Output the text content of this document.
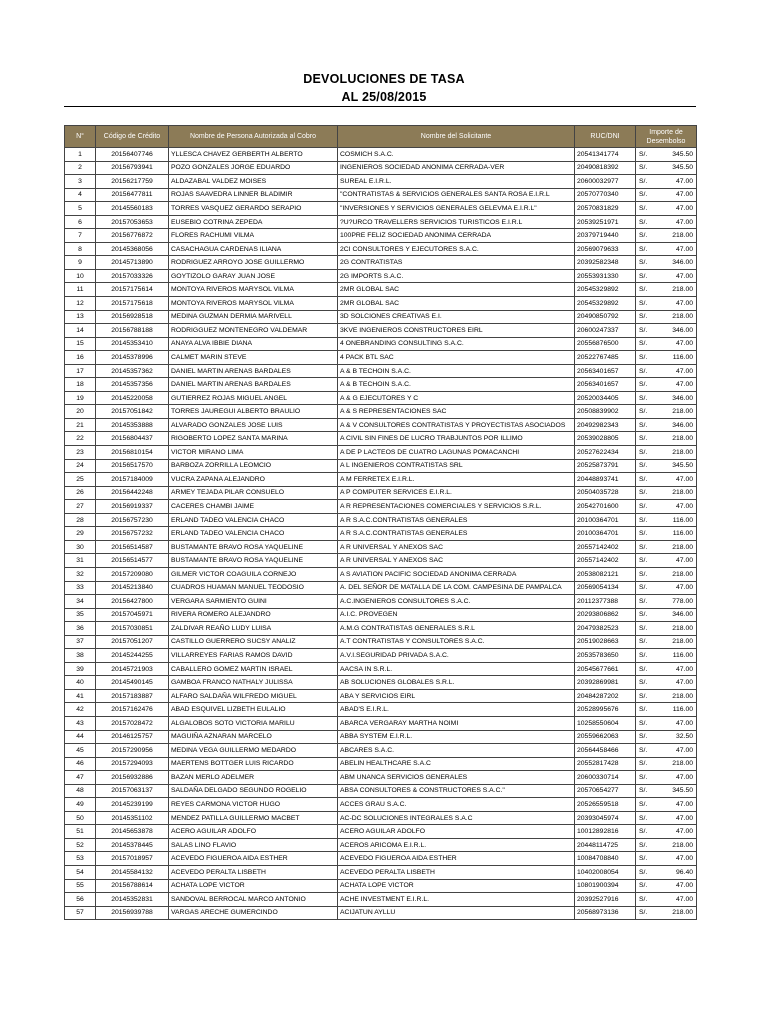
DEVOLUCIONES DE TASA
AL 25/08/2015
N°	Código de Crédito	Nombre de Persona Autorizada al Cobro	Nombre del Solicitante	RUC/DNI	Importe de Desembolso	
1	20156407746	YLLESCA CHAVEZ GERBERTH ALBERTO	COSMICH S.A.C.	20541341774	S/.	345.50
2	20156793941	POZO GONZALES JORGE EDUARDO	INGENIEROS SOCIEDAD ANONIMA CERRADA-VER	20490818392	S/.	345.50
3	20156217759	ALDAZABAL VALDEZ MOISES	SUREAL E.I.R.L.	20600032977	S/.	47.00
4	20156477811	ROJAS SAAVEDRA LINNER BLADIMIR	"CONTRATISTAS & SERVICIOS GENERALES SANTA ROSA E.I.R.L	20570770340	S/.	47.00
5	20145560183	TORRES VASQUEZ GERARDO SERAPIO	"INVERSIONES Y SERVICIOS GENERALES GELEVMA E.I.R.L"	20570831829	S/.	47.00
6	20157053653	EUSEBIO COTRINA ZEPEDA	?U?URCO TRAVELLERS SERVICIOS TURISTICOS E.I.R.L	20539251971	S/.	47.00
7	20156776872	FLORES RACHUMI VILMA	100PRE FELIZ SOCIEDAD ANONIMA CERRADA	20379719440	S/.	218.00
8	20145368056	CASACHAGUA CARDENAS ILIANA	2CI CONSULTORES Y EJECUTORES S.A.C.	20569079633	S/.	47.00
9	20145713890	RODRIGUEZ ARROYO JOSE GUILLERMO	2G CONTRATISTAS	20392582348	S/.	346.00
10	20157033326	GOYTIZOLO GARAY JUAN JOSE	2G IMPORTS S.A.C.	20553931330	S/.	47.00
11	20157175614	MONTOYA RIVEROS MARYSOL VILMA	2MR GLOBAL SAC	20545329892	S/.	218.00
12	20157175618	MONTOYA RIVEROS MARYSOL VILMA	2MR GLOBAL SAC	20545329892	S/.	47.00
13	20156928518	MEDINA GUZMAN DERMIA MARIVELL	3D SOLCIONES CREATIVAS E.I.	20490850792	S/.	218.00
14	20156788188	RODRIGGUEZ MONTENEGRO VALDEMAR	3KVE INGENIEROS CONSTRUCTORES EIRL	20600247337	S/.	346.00
15	20145353410	ANAYA ALVA IBBIE DIANA	4 ONEBRANDING CONSULTING S.A.C.	20556876500	S/.	47.00
16	20145378996	CALMET MARIN STEVE	4 PACK BTL SAC	20522767485	S/.	116.00
17	20145357362	DANIEL MARTIN ARENAS BARDALES	A & B TECHOIN S.A.C.	20563401657	S/.	47.00
18	20145357356	DANIEL MARTIN ARENAS BARDALES	A & B TECHOIN S.A.C.	20563401657	S/.	47.00
19	20145220058	GUTIERREZ ROJAS MIGUEL ANGEL	A & G EJECUTORES Y C	20520034405	S/.	346.00
20	20157051842	TORRES JAUREGUI ALBERTO BRAULIO	A & S REPRESENTACIONES SAC	20508839902	S/.	218.00
21	20145353888	ALVARADO GONZALES JOSE LUIS	A & V CONSULTORES CONTRATISTAS Y PROYECTISTAS ASOCIADOS	20492982343	S/.	346.00
22	20156804437	RIGOBERTO LOPEZ SANTA MARINA	A CIVIL SIN FINES DE LUCRO TRABJUNTOS POR ILLIMO	20539028805	S/.	218.00
23	20156810154	VICTOR MIRANO LIMA	A DE P LACTEOS DE CUATRO LAGUNAS POMACANCHI	20527622434	S/.	218.00
24	20156517570	BARBOZA ZORRILLA LEOMCIO	A L INGENIEROS CONTRATISTAS SRL	20525873791	S/.	345.50
25	20157184009	VUCRA ZAPANA ALEJANDRO	A M FERRETEX E.I.R.L.	20448893741	S/.	47.00
26	20156442248	ARMEY TEJADA PILAR CONSUELO	A P COMPUTER SERVICES E.I.R.L.	20504035728	S/.	218.00
27	20156919337	CACERES CHAMBI JAIME	A R REPRESENTACIONES COMERCIALES Y SERVICIOS S.R.L.	20542701600	S/.	47.00
28	20156757230	ERLAND TADEO VALENCIA CHACO	A R S.A.C.CONTRATISTAS GENERALES	20100364701	S/.	116.00
29	20156757232	ERLAND TADEO VALENCIA CHACO	A R S.A.C.CONTRATISTAS GENERALES	20100364701	S/.	116.00
30	20156514587	BUSTAMANTE BRAVO ROSA YAQUELINE	A R UNIVERSAL Y ANEXOS SAC	20557142402	S/.	218.00
31	20156514577	BUSTAMANTE BRAVO ROSA YAQUELINE	A R UNIVERSAL Y ANEXOS SAC	20557142402	S/.	47.00
32	20157209080	GILMER VICTOR COAGUILA CORNEJO	A S AVIATION PACIFIC SOCIEDAD ANONIMA CERRADA	20538082121	S/.	218.00
33	20145213840	CUADROS HUAMAN MANUEL TEODOSIO	A. DEL SEÑOR DE MATALLA DE LA COM. CAMPESINA DE PAMPALCA	20569054134	S/.	47.00
34	20156427800	VERGARA SARMIENTO GUINI	A.C.INGENIEROS CONSULTORES S.A.C.	20112377388	S/.	778.00
35	20157045971	RIVERA ROMERO ALEJANDRO	A.I.C. PROVEGEN	20293806862	S/.	346.00
36	20157030851	ZALDIVAR REAÑO LUDY LUISA	A.M.G CONTRATISTAS GENERALES S.R.L	20479382523	S/.	218.00
37	20157051207	CASTILLO GUERRERO SUCSY ANALIZ	A.T CONTRATISTAS Y CONSULTORES S.A.C.	20519028663	S/.	218.00
38	20145244255	VILLARREYES FARIAS RAMOS DAVID	A.V.I.SEGURIDAD PRIVADA S.A.C.	20535783650	S/.	116.00
39	20145721903	CABALLERO GOMEZ MARTIN ISRAEL	AACSA IN S.R.L.	20545677661	S/.	47.00
40	20145490145	GAMBOA FRANCO NATHALY JULISSA	AB SOLUCIONES GLOBALES S.R.L.	20392869981	S/.	47.00
41	20157183887	ALFARO SALDAÑA WILFREDO MIGUEL	ABA Y SERVICIOS EIRL	20484287202	S/.	218.00
42	20157162476	ABAD ESQUIVEL LIZBETH EULALIO	ABAD'S E.I.R.L.	20528995676	S/.	116.00
43	20157028472	ALGALOBOS SOTO VICTORIA MARILU	ABARCA VERGARAY MARTHA NOIMI	10258550604	S/.	47.00
44	20146125757	MAGUIÑA AZNARAN MARCELO	ABBA SYSTEM E.I.R.L.	20559662063	S/.	32.50
45	20157290956	MEDINA VEGA GUILLERMO MEDARDO	ABCARES S.A.C.	20564458466	S/.	47.00
46	20157294093	MAERTENS BOTTGER LUIS RICARDO	ABELIN HEALTHCARE S.A.C	20552817428	S/.	218.00
47	20156932886	BAZAN MERLO ADELMER	ABM UNANCA SERVICIOS GENERALES	20600330714	S/.	47.00
48	20157063137	SALDAÑA DELGADO SEGUNDO ROGELIO	ABSA CONSULTORES & CONSTRUCTORES S.A.C."	20570654277	S/.	345.50
49	20145239199	REYES CARMONA VICTOR HUGO	ACCES GRAU S.A.C.	20526559518	S/.	47.00
50	20145351102	MENDEZ PATILLA GUILLERMO MACBET	AC-DC SOLUCIONES INTEGRALES S.A.C	20393045974	S/.	47.00
51	20145653878	ACERO AGUILAR ADOLFO	ACERO AGUILAR ADOLFO	10012892816	S/.	47.00
52	20145378445	SALAS LINO FLAVIO	ACEROS ARICOMA E.I.R.L.	20448114725	S/.	218.00
53	20157018957	ACEVEDO FIGUEROA AIDA ESTHER	ACEVEDO FIGUEROA AIDA ESTHER	10084708840	S/.	47.00
54	20145584132	ACEVEDO PERALTA LISBETH	ACEVEDO PERALTA LISBETH	10402008054	S/.	96.40
55	20156788614	ACHATA LOPE VICTOR	ACHATA LOPE VICTOR	10801900394	S/.	47.00
56	20145352831	SANDOVAL BERROCAL MARCO ANTONIO	ACHE INVESTMENT E.I.R.L.	20392527916	S/.	47.00
57	20156939788	VARGAS ARECHE GUMERCINDO	ACIJATUN AYLLU	20568973136	S/.	218.00
